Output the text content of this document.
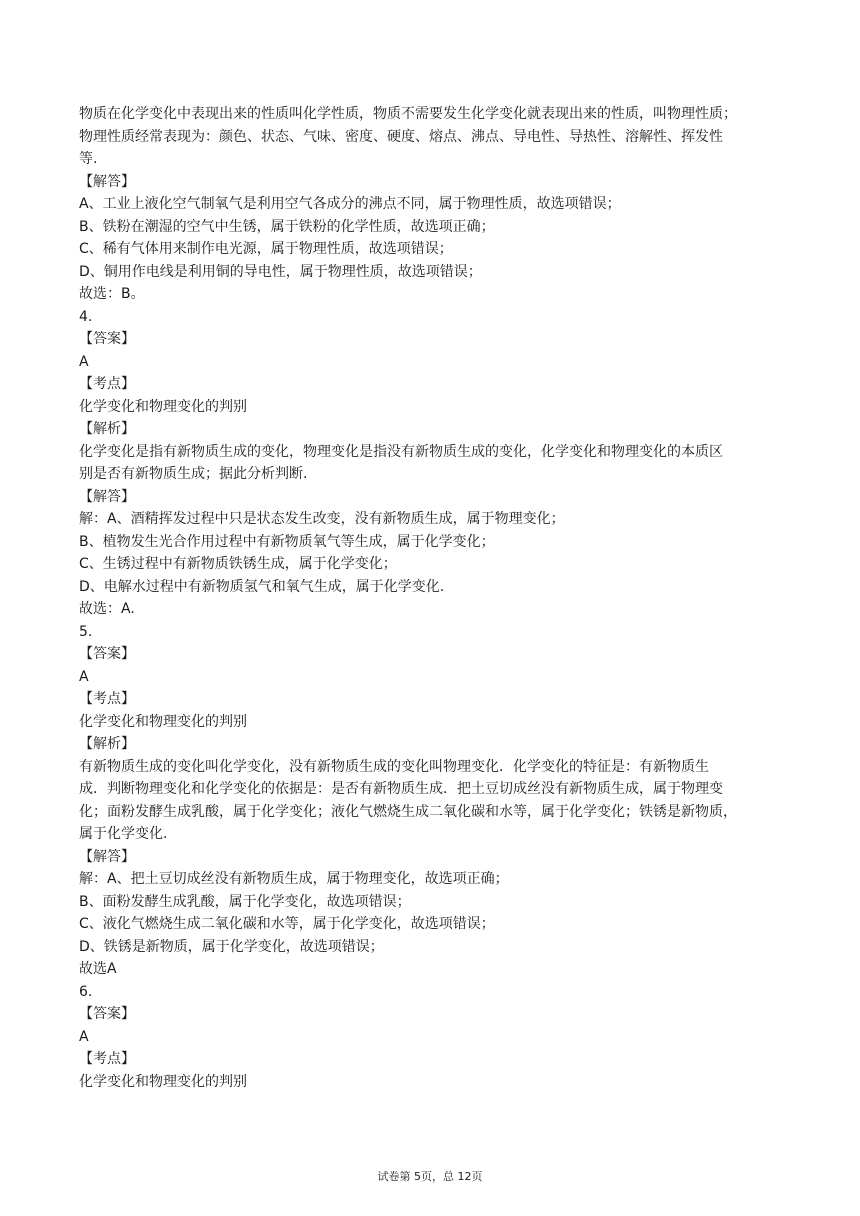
物质在化学变化中表现出来的性质叫化学性质，物质不需要发生化学变化就表现出来的性质，叫物理性质；
物理性质经常表现为：颜色、状态、气味、密度、硬度、熔点、沸点、导电性、导热性、溶解性、挥发性
等.
【解答】
A、工业上液化空气制氧气是利用空气各成分的沸点不同，属于物理性质，故选项错误；
B、铁粉在潮湿的空气中生锈，属于铁粉的化学性质，故选项正确；
C、稀有气体用来制作电光源，属于物理性质，故选项错误；
D、铜用作电线是利用铜的导电性，属于物理性质，故选项错误；
故选：B。
4.
【答案】
A
【考点】
化学变化和物理变化的判别
【解析】
化学变化是指有新物质生成的变化，物理变化是指没有新物质生成的变化，化学变化和物理变化的本质区
别是否有新物质生成；据此分析判断.
【解答】
解：A、酒精挥发过程中只是状态发生改变，没有新物质生成，属于物理变化；
B、植物发生光合作用过程中有新物质氧气等生成，属于化学变化；
C、生锈过程中有新物质铁锈生成，属于化学变化；
D、电解水过程中有新物质氢气和氧气生成，属于化学变化.
故选：A.
5.
【答案】
A
【考点】
化学变化和物理变化的判别
【解析】
有新物质生成的变化叫化学变化，没有新物质生成的变化叫物理变化．化学变化的特征是：有新物质生
成．判断物理变化和化学变化的依据是：是否有新物质生成．把土豆切成丝没有新物质生成，属于物理变
化；面粉发酵生成乳酸，属于化学变化；液化气燃烧生成二氧化碳和水等，属于化学变化；铁锈是新物质，
属于化学变化.
【解答】
解：A、把土豆切成丝没有新物质生成，属于物理变化，故选项正确；
B、面粉发酵生成乳酸，属于化学变化，故选项错误；
C、液化气燃烧生成二氧化碳和水等，属于化学变化，故选项错误；
D、铁锈是新物质，属于化学变化，故选项错误；
故选A
6.
【答案】
A
【考点】
化学变化和物理变化的判别
试卷第 5页，总 12页
